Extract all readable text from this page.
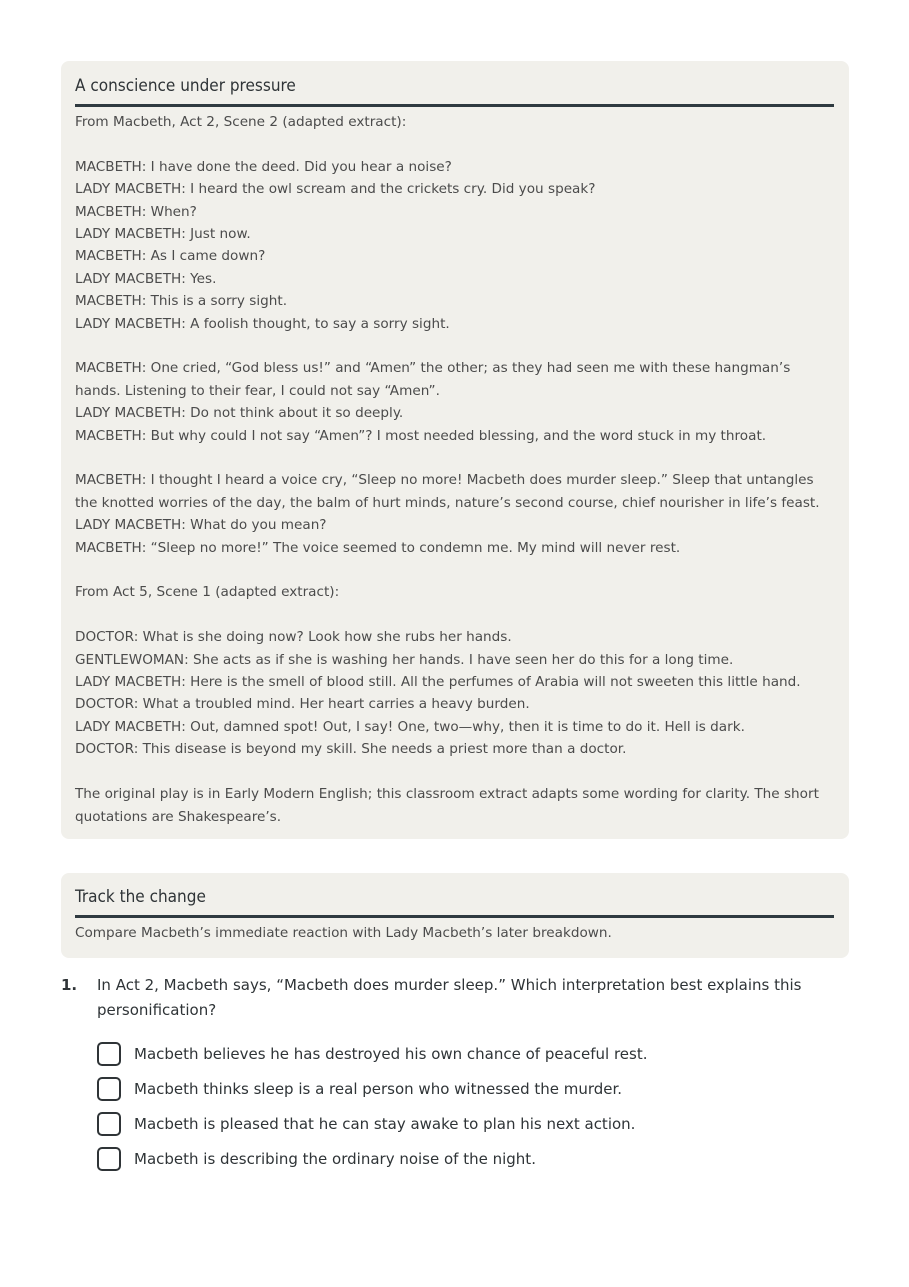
A conscience under pressure
From Macbeth, Act 2, Scene 2 (adapted extract):
MACBETH: I have done the deed. Did you hear a noise?
LADY MACBETH: I heard the owl scream and the crickets cry. Did you speak?
MACBETH: When?
LADY MACBETH: Just now.
MACBETH: As I came down?
LADY MACBETH: Yes.
MACBETH: This is a sorry sight.
LADY MACBETH: A foolish thought, to say a sorry sight.
MACBETH: One cried, “God bless us!” and “Amen” the other; as they had seen me with these hangman’s hands. Listening to their fear, I could not say “Amen”.
LADY MACBETH: Do not think about it so deeply.
MACBETH: But why could I not say “Amen”? I most needed blessing, and the word stuck in my throat.
MACBETH: I thought I heard a voice cry, “Sleep no more! Macbeth does murder sleep.” Sleep that untangles the knotted worries of the day, the balm of hurt minds, nature’s second course, chief nourisher in life’s feast.
LADY MACBETH: What do you mean?
MACBETH: “Sleep no more!” The voice seemed to condemn me. My mind will never rest.
From Act 5, Scene 1 (adapted extract):
DOCTOR: What is she doing now? Look how she rubs her hands.
GENTLEWOMAN: She acts as if she is washing her hands. I have seen her do this for a long time.
LADY MACBETH: Here is the smell of blood still. All the perfumes of Arabia will not sweeten this little hand.
DOCTOR: What a troubled mind. Her heart carries a heavy burden.
LADY MACBETH: Out, damned spot! Out, I say! One, two—why, then it is time to do it. Hell is dark.
DOCTOR: This disease is beyond my skill. She needs a priest more than a doctor.
The original play is in Early Modern English; this classroom extract adapts some wording for clarity. The short quotations are Shakespeare’s.
Track the change
Compare Macbeth’s immediate reaction with Lady Macbeth’s later breakdown.
1. In Act 2, Macbeth says, “Macbeth does murder sleep.” Which interpretation best explains this personification?
Macbeth believes he has destroyed his own chance of peaceful rest.
Macbeth thinks sleep is a real person who witnessed the murder.
Macbeth is pleased that he can stay awake to plan his next action.
Macbeth is describing the ordinary noise of the night.
